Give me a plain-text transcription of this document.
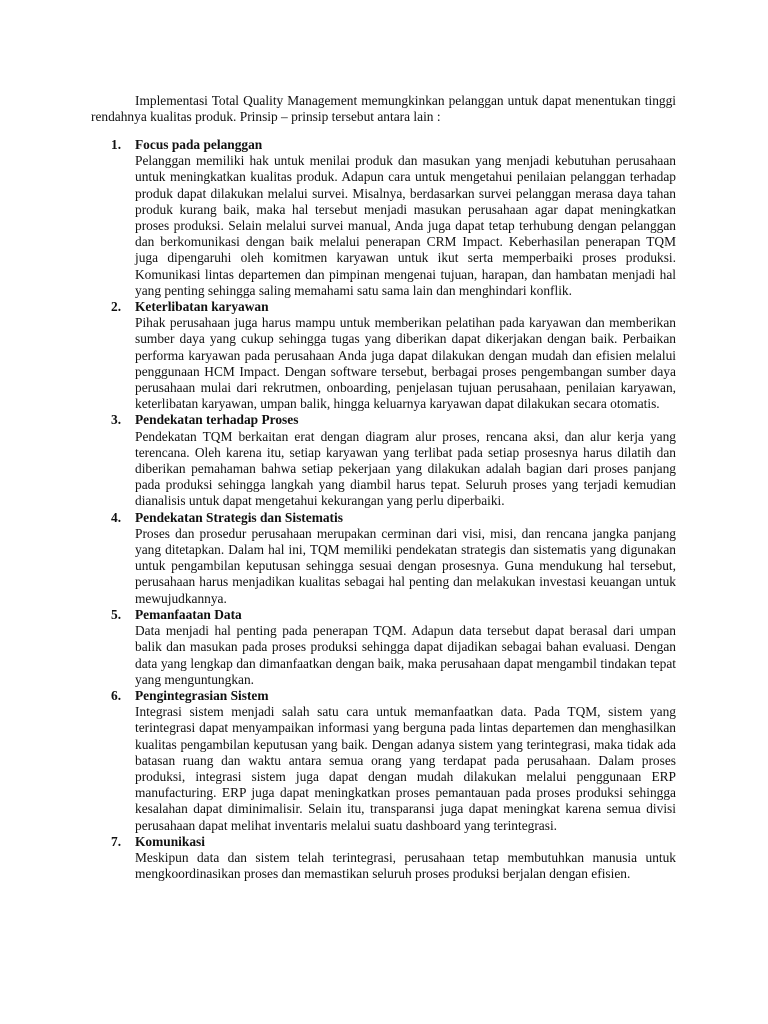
Implementasi Total Quality Management memungkinkan pelanggan untuk dapat menentukan tinggi rendahnya kualitas produk. Prinsip – prinsip tersebut antara lain :

1. Focus pada pelanggan
Pelanggan memiliki hak untuk menilai produk dan masukan yang menjadi kebutuhan perusahaan untuk meningkatkan kualitas produk. Adapun cara untuk mengetahui penilaian pelanggan terhadap produk dapat dilakukan melalui survei. Misalnya, berdasarkan survei pelanggan merasa daya tahan produk kurang baik, maka hal tersebut menjadi masukan perusahaan agar dapat meningkatkan proses produksi. Selain melalui survei manual, Anda juga dapat tetap terhubung dengan pelanggan dan berkomunikasi dengan baik melalui penerapan CRM Impact. Keberhasilan penerapan TQM juga dipengaruhi oleh komitmen karyawan untuk ikut serta memperbaiki proses produksi. Komunikasi lintas departemen dan pimpinan mengenai tujuan, harapan, dan hambatan menjadi hal yang penting sehingga saling memahami satu sama lain dan menghindari konflik.
2. Keterlibatan karyawan
Pihak perusahaan juga harus mampu untuk memberikan pelatihan pada karyawan dan memberikan sumber daya yang cukup sehingga tugas yang diberikan dapat dikerjakan dengan baik. Perbaikan performa karyawan pada perusahaan Anda juga dapat dilakukan dengan mudah dan efisien melalui penggunaan HCM Impact. Dengan software tersebut, berbagai proses pengembangan sumber daya perusahaan mulai dari rekrutmen, onboarding, penjelasan tujuan perusahaan, penilaian karyawan, keterlibatan karyawan, umpan balik, hingga keluarnya karyawan dapat dilakukan secara otomatis.
3. Pendekatan terhadap Proses
Pendekatan TQM berkaitan erat dengan diagram alur proses, rencana aksi, dan alur kerja yang terencana. Oleh karena itu, setiap karyawan yang terlibat pada setiap prosesnya harus dilatih dan diberikan pemahaman bahwa setiap pekerjaan yang dilakukan adalah bagian dari proses panjang pada produksi sehingga langkah yang diambil harus tepat. Seluruh proses yang terjadi kemudian dianalisis untuk dapat mengetahui kekurangan yang perlu diperbaiki.
4. Pendekatan Strategis dan Sistematis
Proses dan prosedur perusahaan merupakan cerminan dari visi, misi, dan rencana jangka panjang yang ditetapkan. Dalam hal ini, TQM memiliki pendekatan strategis dan sistematis yang digunakan untuk pengambilan keputusan sehingga sesuai dengan prosesnya. Guna mendukung hal tersebut, perusahaan harus menjadikan kualitas sebagai hal penting dan melakukan investasi keuangan untuk mewujudkannya.
5. Pemanfaatan Data
Data menjadi hal penting pada penerapan TQM. Adapun data tersebut dapat berasal dari umpan balik dan masukan pada proses produksi sehingga dapat dijadikan sebagai bahan evaluasi. Dengan data yang lengkap dan dimanfaatkan dengan baik, maka perusahaan dapat mengambil tindakan tepat yang menguntungkan.
6. Pengintegrasian Sistem
Integrasi sistem menjadi salah satu cara untuk memanfaatkan data. Pada TQM, sistem yang terintegrasi dapat menyampaikan informasi yang berguna pada lintas departemen dan menghasilkan kualitas pengambilan keputusan yang baik. Dengan adanya sistem yang terintegrasi, maka tidak ada batasan ruang dan waktu antara semua orang yang terdapat pada perusahaan. Dalam proses produksi, integrasi sistem juga dapat dengan mudah dilakukan melalui penggunaan ERP manufacturing. ERP juga dapat meningkatkan proses pemantauan pada proses produksi sehingga kesalahan dapat diminimalisir. Selain itu, transparansi juga dapat meningkat karena semua divisi perusahaan dapat melihat inventaris melalui suatu dashboard yang terintegrasi.
7. Komunikasi
Meskipun data dan sistem telah terintegrasi, perusahaan tetap membutuhkan manusia untuk mengkoordinasikan proses dan memastikan seluruh proses produksi berjalan dengan efisien.
